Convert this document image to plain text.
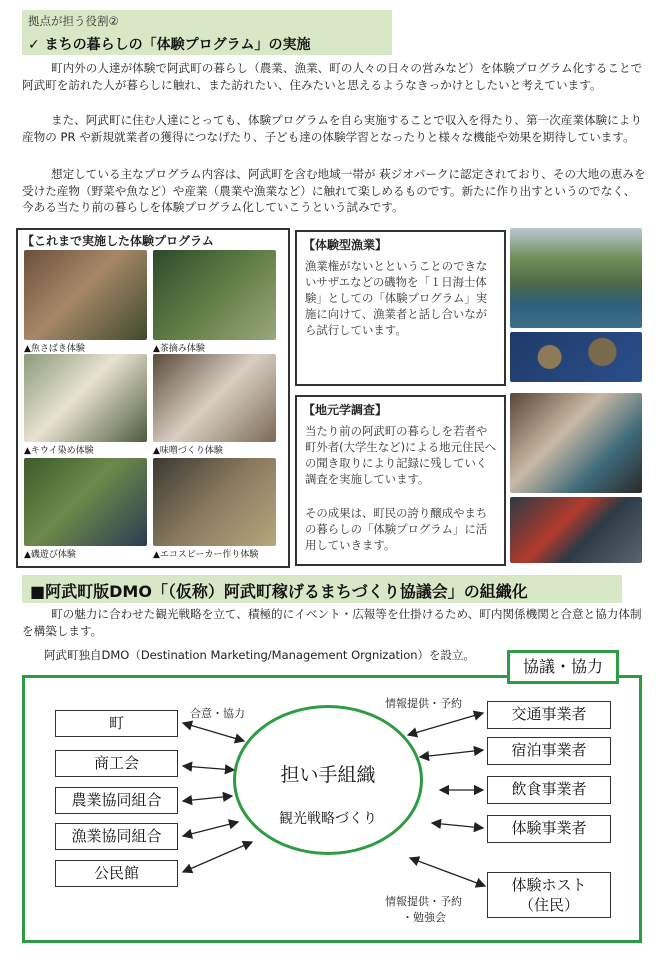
拠点が担う役割②
✓ まちの暮らしの「体験プログラム」の実施

町内外の人達が体験で阿武町の暮らし（農業、漁業、町の人々の日々の営みなど）を体験プログラム化することで阿武町を訪れた人が暮らしに触れ、また訪れたい、住みたいと思えるようなきっかけとしたいと考えています。

また、阿武町に住む人達にとっても、体験プログラムを自ら実施することで収入を得たり、第一次産業体験により産物の PR や新規就業者の獲得につなげたり、子ども達の体験学習となったりと様々な機能や効果を期待しています。

想定している主なプログラム内容は、阿武町を含む地域一帯が 萩ジオパークに認定されており、その大地の恵みを 受けた産物（野菜や魚など）や産業（農業や漁業など）に触れて楽しめるものです。新たに作り出すというのでなく、 今ある当たり前の暮らしを体験プログラム化していこうという試みです。

【これまで実施した体験プログラム
▲魚さばき体験	▲茶摘み体験
▲キウイ染め体験	▲味噌づくり体験
▲磯遊び体験	▲エコスピーカー作り体験
【体験型漁業】

漁業権がないとということのできないサザエなどの磯物を「１日海士体験」としての「体験プログラム」実施に向けて、漁業者と話し合いながら試行しています。

【地元学調査】

当たり前の阿武町の暮らしを若者や町外者(大学生など)による地元住民への聞き取りにより記録に残していく調査を実施しています。

その成果は、町民の誇り醸成やまちの暮らしの「体験プログラム」に活用していきます。

■阿武町版DMO「（仮称）阿武町稼げるまちづくり協議会」の組織化

町の魅力に合わせた観光戦略を立て、積極的にイベント・広報等を仕掛けるため、町内関係機関と合意と協力体制を構築します。

阿武町独自DMO（Destination Marketing/Management Orgnization）を設立。

協議・協力
担い手組織
観光戦略づくり
合意・協力
情報提供・予約
情報提供・予約
・勉強会
町
商工会
農業協同組合
漁業協同組合
公民館
交通事業者
宿泊事業者
飲食事業者
体験事業者
体験ホスト
（住民）
